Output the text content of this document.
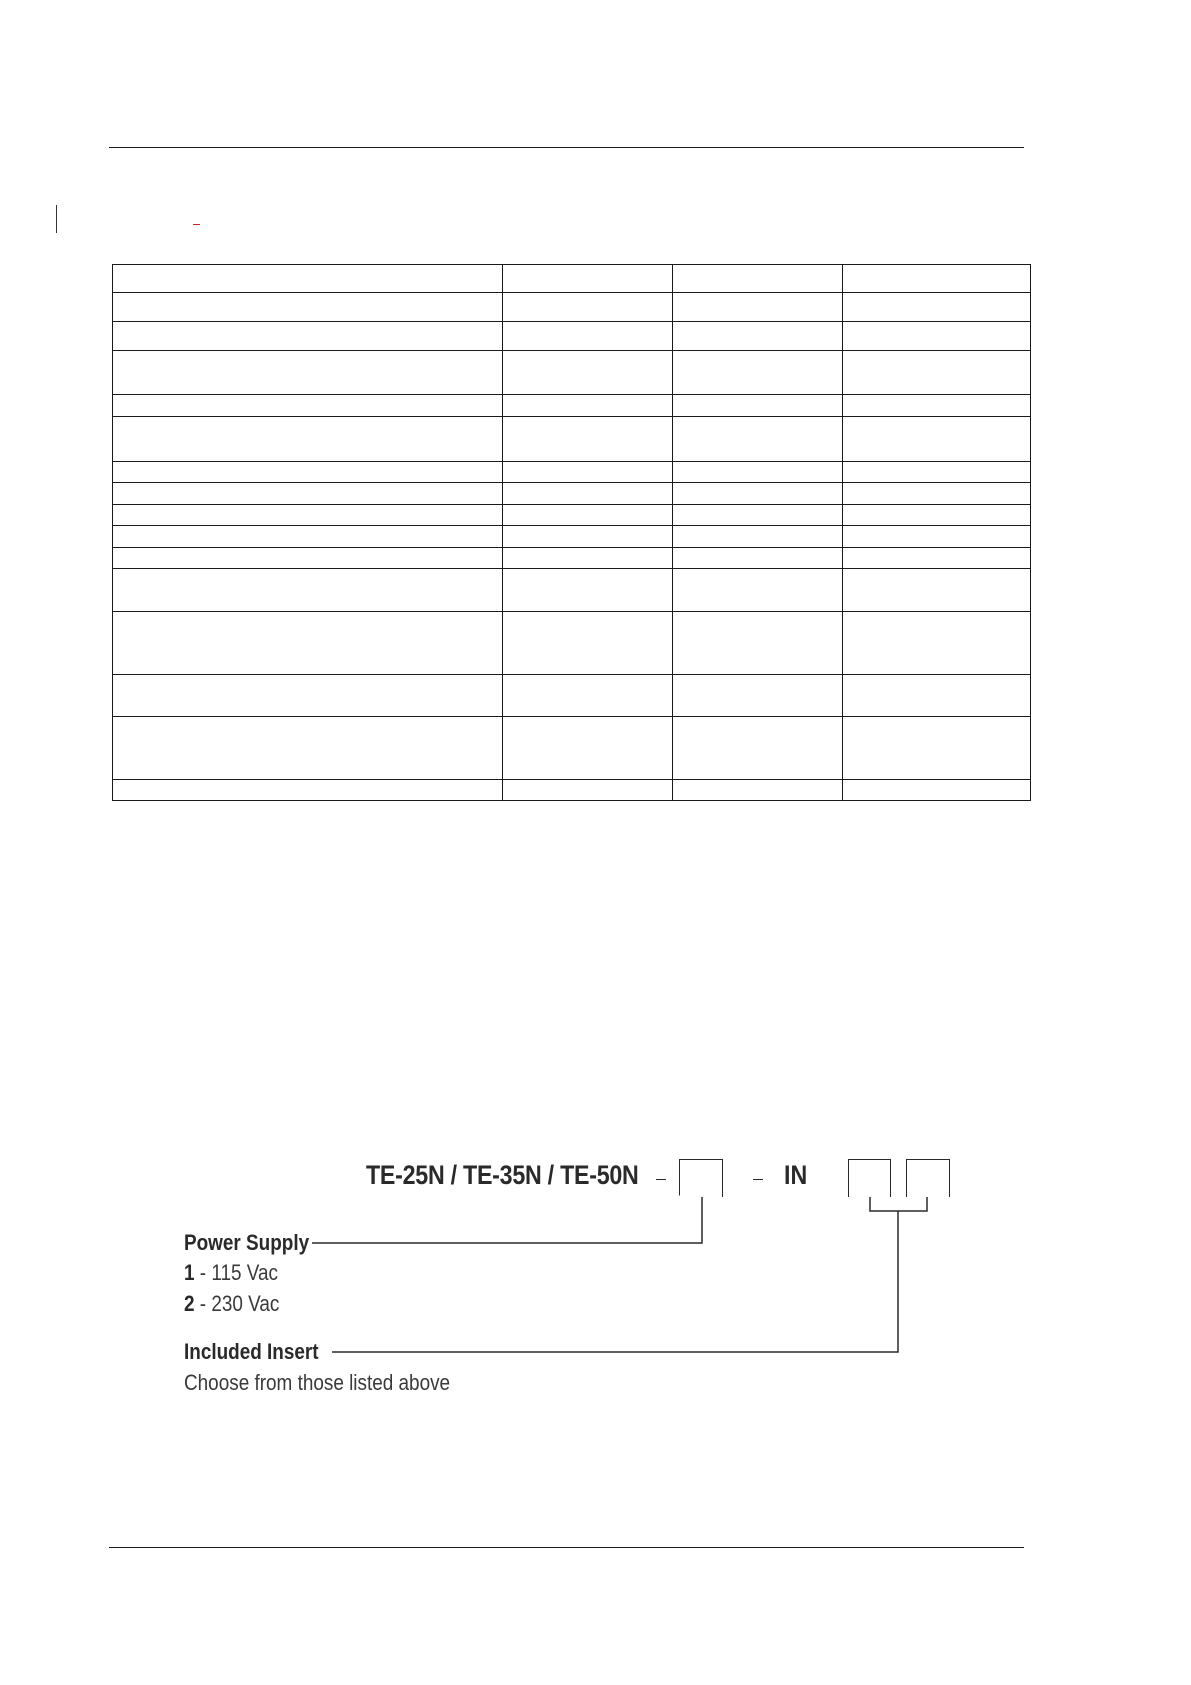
TE-25N / TE-35N / TE-50N	IN
Power Supply
1 - 115 Vac
2 - 230 Vac
Included Insert
Choose from those listed above
